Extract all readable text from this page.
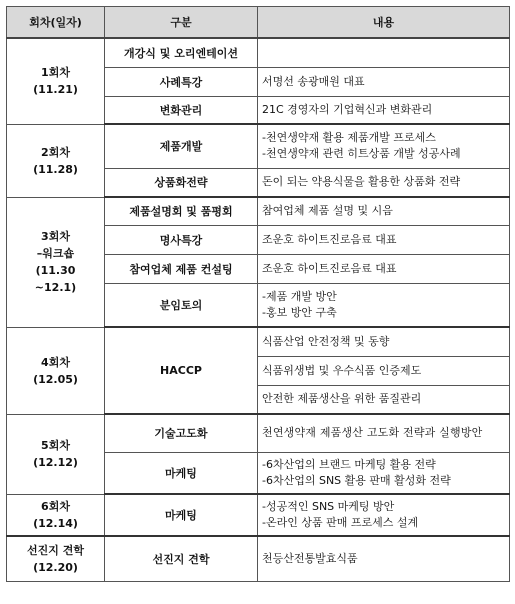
회차(일자)	구분	내용

1회차
(11.21)	개강식 및 오리엔테이션	
	사례특강	서명선 송광매원 대표

	변화관리	21C 경영자의 기업혁신과 변화관리

2회차
(11.28)	제품개발	-천연생약재 활용 제품개발 프로세스
-천연생약재 관련 히트상품 개발 성공사례

	상품화전략	돈이 되는 약용식물을 활용한 상품화 전략

3회차
–워크숍
(11.30
~12.1)	제품설명회 및 품평회	참여업체 제품 설명 및 시음

	명사특강	조운호 하이트진로음료 대표

	참여업체 제품 컨설팅	조운호 하이트진로음료 대표

	분임토의	-제품 개발 방안
-홍보 방안 구축

4회차
(12.05)	HACCP	식품산업 안전정책 및 동향

		식품위생법 및 우수식품 인증제도

		안전한 제품생산을 위한 품질관리

5회차
(12.12)	기술고도화	천연생약재 제품생산 고도화 전략과 실행방안

	마케팅	-6차산업의 브랜드 마케팅 활용 전략
-6차산업의 SNS 활용 판매 활성화 전략

6회차
(12.14)	마케팅	-성공적인 SNS 마케팅 방안
-온라인 상품 판매 프로세스 설계

선진지 견학
(12.20)	선진지 견학	천등산전통발효식품
